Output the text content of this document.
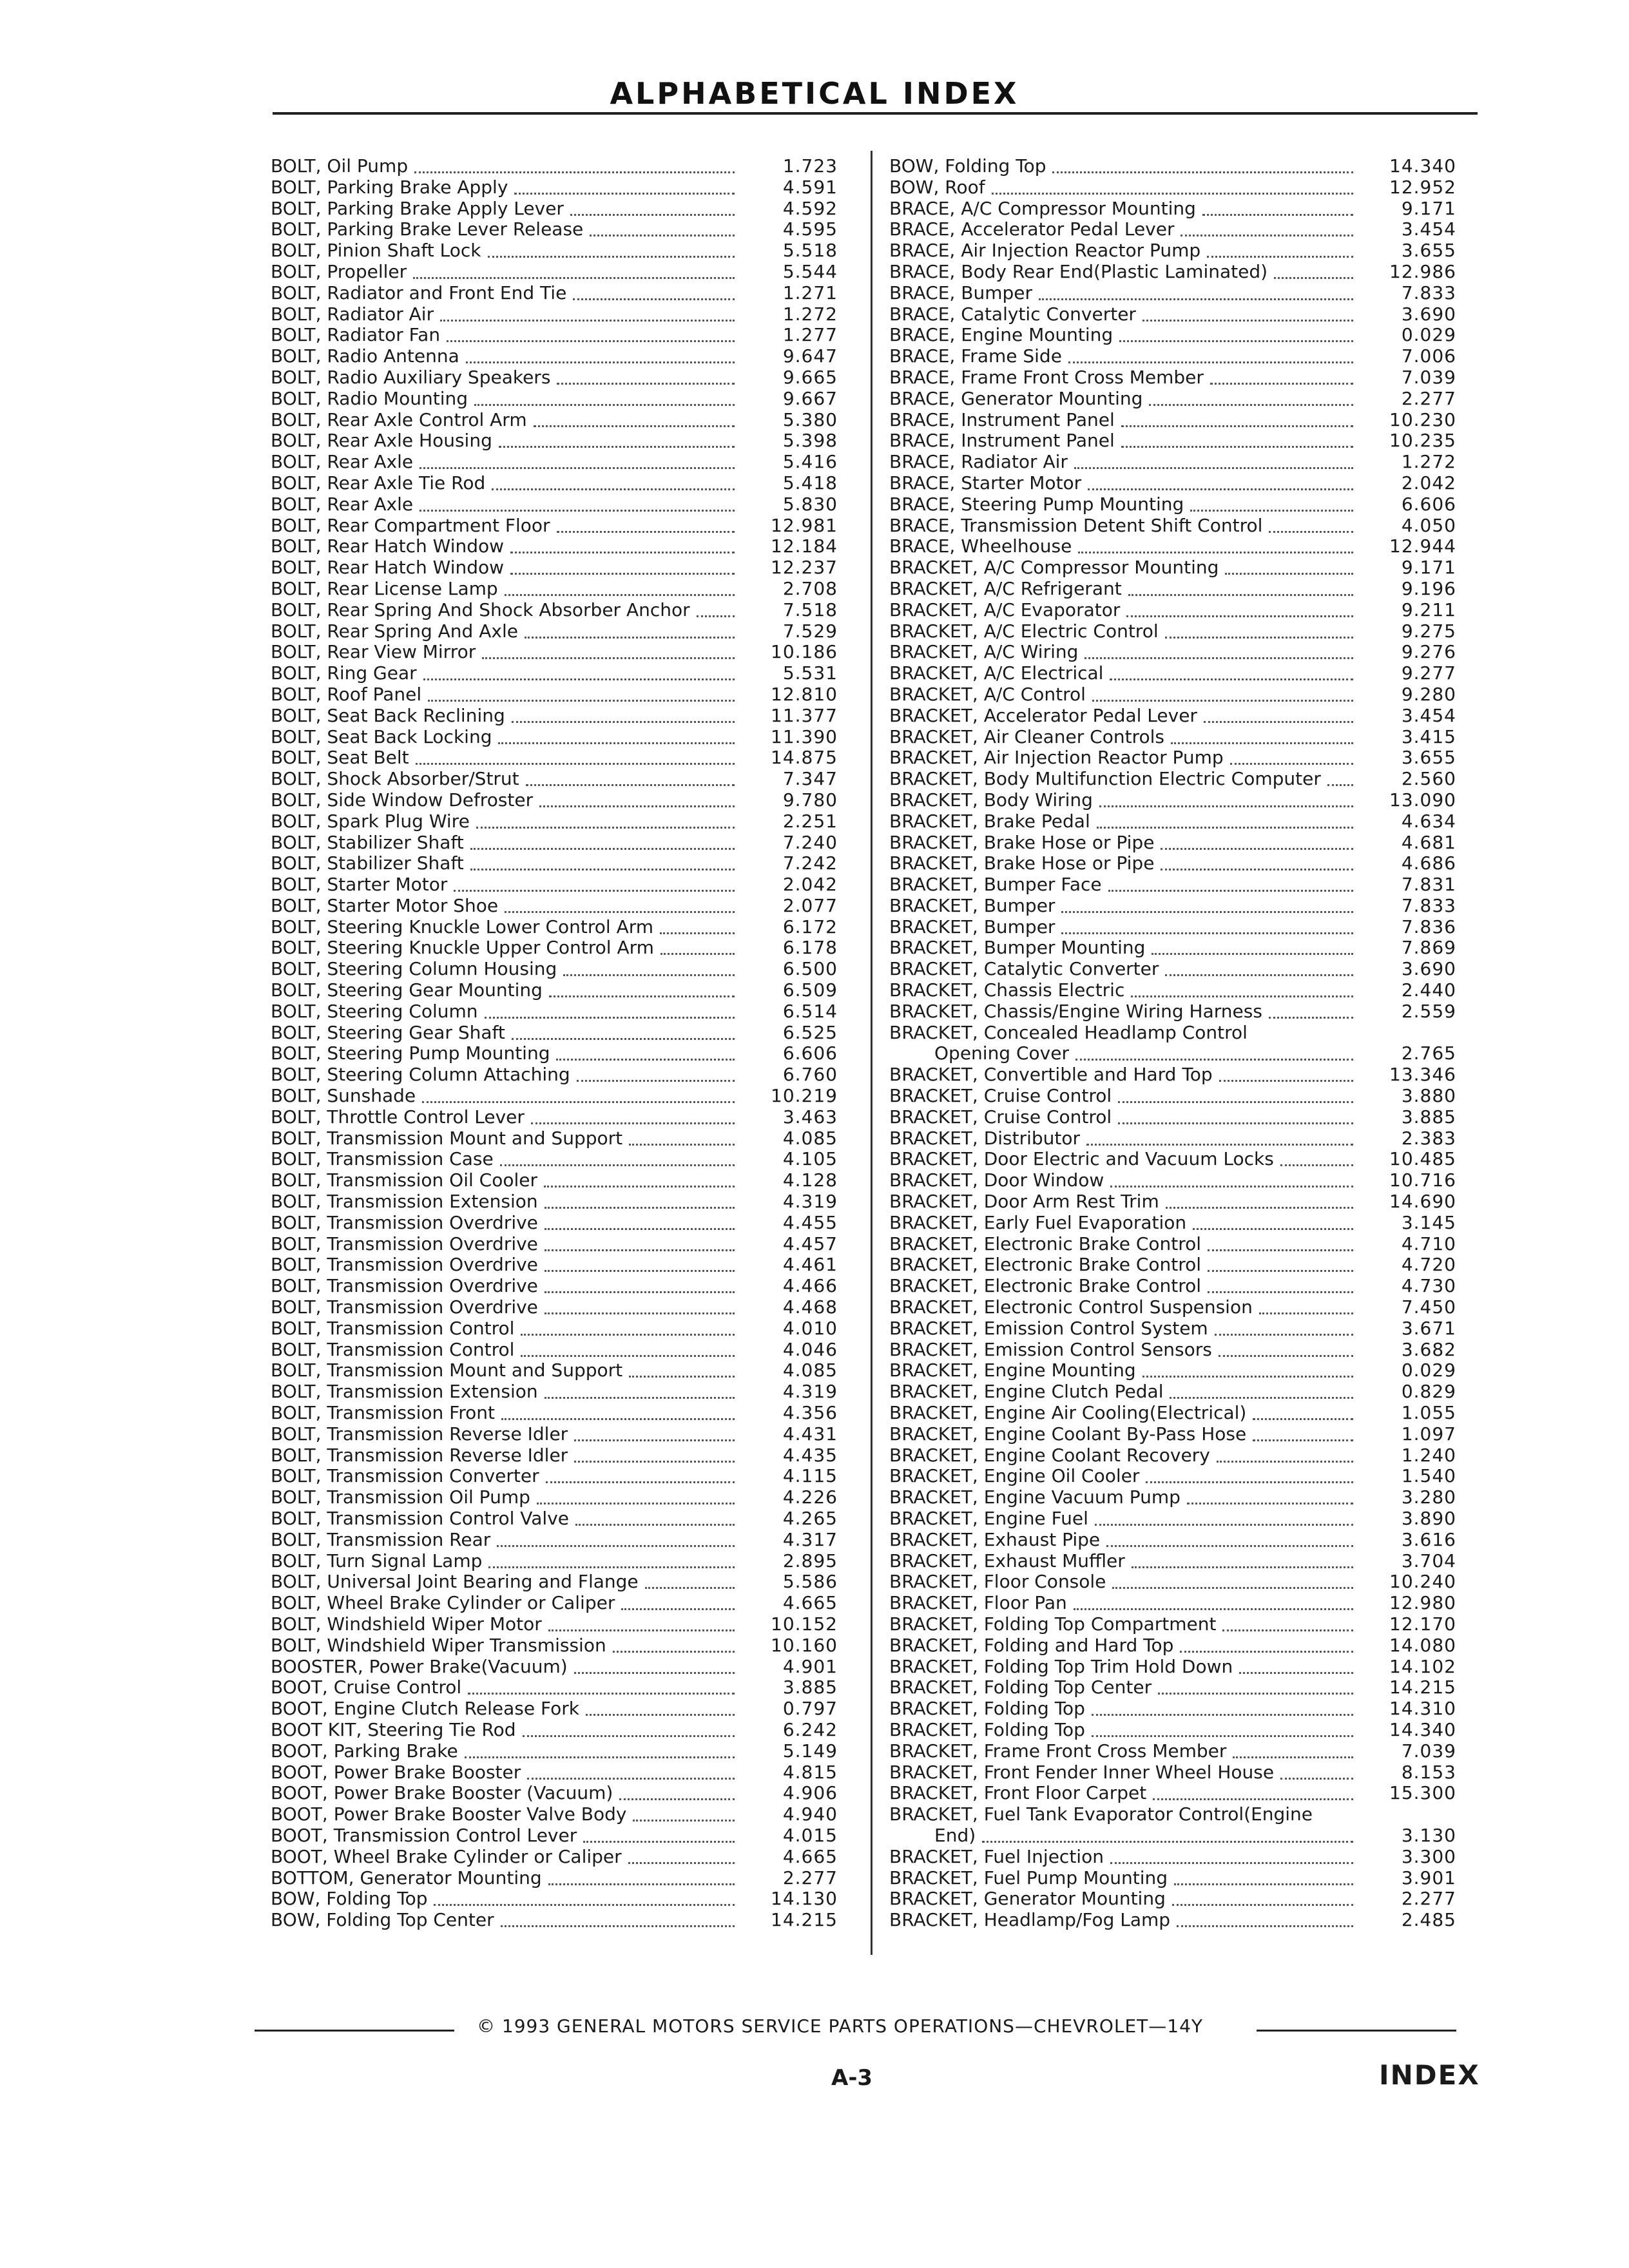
ALPHABETICAL INDEX
BOLT, Oil Pump	1.723
BOLT, Parking Brake Apply	4.591
BOLT, Parking Brake Apply Lever	4.592
BOLT, Parking Brake Lever Release	4.595
BOLT, Pinion Shaft Lock	5.518
BOLT, Propeller	5.544
BOLT, Radiator and Front End Tie	1.271
BOLT, Radiator Air	1.272
BOLT, Radiator Fan	1.277
BOLT, Radio Antenna	9.647
BOLT, Radio Auxiliary Speakers	9.665
BOLT, Radio Mounting	9.667
BOLT, Rear Axle Control Arm	5.380
BOLT, Rear Axle Housing	5.398
BOLT, Rear Axle	5.416
BOLT, Rear Axle Tie Rod	5.418
BOLT, Rear Axle	5.830
BOLT, Rear Compartment Floor	12.981
BOLT, Rear Hatch Window	12.184
BOLT, Rear Hatch Window	12.237
BOLT, Rear License Lamp	2.708
BOLT, Rear Spring And Shock Absorber Anchor	7.518
BOLT, Rear Spring And Axle	7.529
BOLT, Rear View Mirror	10.186
BOLT, Ring Gear	5.531
BOLT, Roof Panel	12.810
BOLT, Seat Back Reclining	11.377
BOLT, Seat Back Locking	11.390
BOLT, Seat Belt	14.875
BOLT, Shock Absorber/Strut	7.347
BOLT, Side Window Defroster	9.780
BOLT, Spark Plug Wire	2.251
BOLT, Stabilizer Shaft	7.240
BOLT, Stabilizer Shaft	7.242
BOLT, Starter Motor	2.042
BOLT, Starter Motor Shoe	2.077
BOLT, Steering Knuckle Lower Control Arm	6.172
BOLT, Steering Knuckle Upper Control Arm	6.178
BOLT, Steering Column Housing	6.500
BOLT, Steering Gear Mounting	6.509
BOLT, Steering Column	6.514
BOLT, Steering Gear Shaft	6.525
BOLT, Steering Pump Mounting	6.606
BOLT, Steering Column Attaching	6.760
BOLT, Sunshade	10.219
BOLT, Throttle Control Lever	3.463
BOLT, Transmission Mount and Support	4.085
BOLT, Transmission Case	4.105
BOLT, Transmission Oil Cooler	4.128
BOLT, Transmission Extension	4.319
BOLT, Transmission Overdrive	4.455
BOLT, Transmission Overdrive	4.457
BOLT, Transmission Overdrive	4.461
BOLT, Transmission Overdrive	4.466
BOLT, Transmission Overdrive	4.468
BOLT, Transmission Control	4.010
BOLT, Transmission Control	4.046
BOLT, Transmission Mount and Support	4.085
BOLT, Transmission Extension	4.319
BOLT, Transmission Front	4.356
BOLT, Transmission Reverse Idler	4.431
BOLT, Transmission Reverse Idler	4.435
BOLT, Transmission Converter	4.115
BOLT, Transmission Oil Pump	4.226
BOLT, Transmission Control Valve	4.265
BOLT, Transmission Rear	4.317
BOLT, Turn Signal Lamp	2.895
BOLT, Universal Joint Bearing and Flange	5.586
BOLT, Wheel Brake Cylinder or Caliper	4.665
BOLT, Windshield Wiper Motor	10.152
BOLT, Windshield Wiper Transmission	10.160
BOOSTER, Power Brake(Vacuum)	4.901
BOOT, Cruise Control	3.885
BOOT, Engine Clutch Release Fork	0.797
BOOT KIT, Steering Tie Rod	6.242
BOOT, Parking Brake	5.149
BOOT, Power Brake Booster	4.815
BOOT, Power Brake Booster (Vacuum)	4.906
BOOT, Power Brake Booster Valve Body	4.940
BOOT, Transmission Control Lever	4.015
BOOT, Wheel Brake Cylinder or Caliper	4.665
BOTTOM, Generator Mounting	2.277
BOW, Folding Top	14.130
BOW, Folding Top Center	14.215
BOW, Folding Top	14.340
BOW, Roof	12.952
BRACE, A/C Compressor Mounting	9.171
BRACE, Accelerator Pedal Lever	3.454
BRACE, Air Injection Reactor Pump	3.655
BRACE, Body Rear End(Plastic Laminated)	12.986
BRACE, Bumper	7.833
BRACE, Catalytic Converter	3.690
BRACE, Engine Mounting	0.029
BRACE, Frame Side	7.006
BRACE, Frame Front Cross Member	7.039
BRACE, Generator Mounting	2.277
BRACE, Instrument Panel	10.230
BRACE, Instrument Panel	10.235
BRACE, Radiator Air	1.272
BRACE, Starter Motor	2.042
BRACE, Steering Pump Mounting	6.606
BRACE, Transmission Detent Shift Control	4.050
BRACE, Wheelhouse	12.944
BRACKET, A/C Compressor Mounting	9.171
BRACKET, A/C Refrigerant	9.196
BRACKET, A/C Evaporator	9.211
BRACKET, A/C Electric Control	9.275
BRACKET, A/C Wiring	9.276
BRACKET, A/C Electrical	9.277
BRACKET, A/C Control	9.280
BRACKET, Accelerator Pedal Lever	3.454
BRACKET, Air Cleaner Controls	3.415
BRACKET, Air Injection Reactor Pump	3.655
BRACKET, Body Multifunction Electric Computer	2.560
BRACKET, Body Wiring	13.090
BRACKET, Brake Pedal	4.634
BRACKET, Brake Hose or Pipe	4.681
BRACKET, Brake Hose or Pipe	4.686
BRACKET, Bumper Face	7.831
BRACKET, Bumper	7.833
BRACKET, Bumper	7.836
BRACKET, Bumper Mounting	7.869
BRACKET, Catalytic Converter	3.690
BRACKET, Chassis Electric	2.440
BRACKET, Chassis/Engine Wiring Harness	2.559
BRACKET, Concealed Headlamp Control
Opening Cover	2.765
BRACKET, Convertible and Hard Top	13.346
BRACKET, Cruise Control	3.880
BRACKET, Cruise Control	3.885
BRACKET, Distributor	2.383
BRACKET, Door Electric and Vacuum Locks	10.485
BRACKET, Door Window	10.716
BRACKET, Door Arm Rest Trim	14.690
BRACKET, Early Fuel Evaporation	3.145
BRACKET, Electronic Brake Control	4.710
BRACKET, Electronic Brake Control	4.720
BRACKET, Electronic Brake Control	4.730
BRACKET, Electronic Control Suspension	7.450
BRACKET, Emission Control System	3.671
BRACKET, Emission Control Sensors	3.682
BRACKET, Engine Mounting	0.029
BRACKET, Engine Clutch Pedal	0.829
BRACKET, Engine Air Cooling(Electrical)	1.055
BRACKET, Engine Coolant By-Pass Hose	1.097
BRACKET, Engine Coolant Recovery	1.240
BRACKET, Engine Oil Cooler	1.540
BRACKET, Engine Vacuum Pump	3.280
BRACKET, Engine Fuel	3.890
BRACKET, Exhaust Pipe	3.616
BRACKET, Exhaust Muffler	3.704
BRACKET, Floor Console	10.240
BRACKET, Floor Pan	12.980
BRACKET, Folding Top Compartment	12.170
BRACKET, Folding and Hard Top	14.080
BRACKET, Folding Top Trim Hold Down	14.102
BRACKET, Folding Top Center	14.215
BRACKET, Folding Top	14.310
BRACKET, Folding Top	14.340
BRACKET, Frame Front Cross Member	7.039
BRACKET, Front Fender Inner Wheel House	8.153
BRACKET, Front Floor Carpet	15.300
BRACKET, Fuel Tank Evaporator Control(Engine
End)	3.130
BRACKET, Fuel Injection	3.300
BRACKET, Fuel Pump Mounting	3.901
BRACKET, Generator Mounting	2.277
BRACKET, Headlamp/Fog Lamp	2.485
© 1993 GENERAL MOTORS SERVICE PARTS OPERATIONS—CHEVROLET—14Y
A-3	INDEX
